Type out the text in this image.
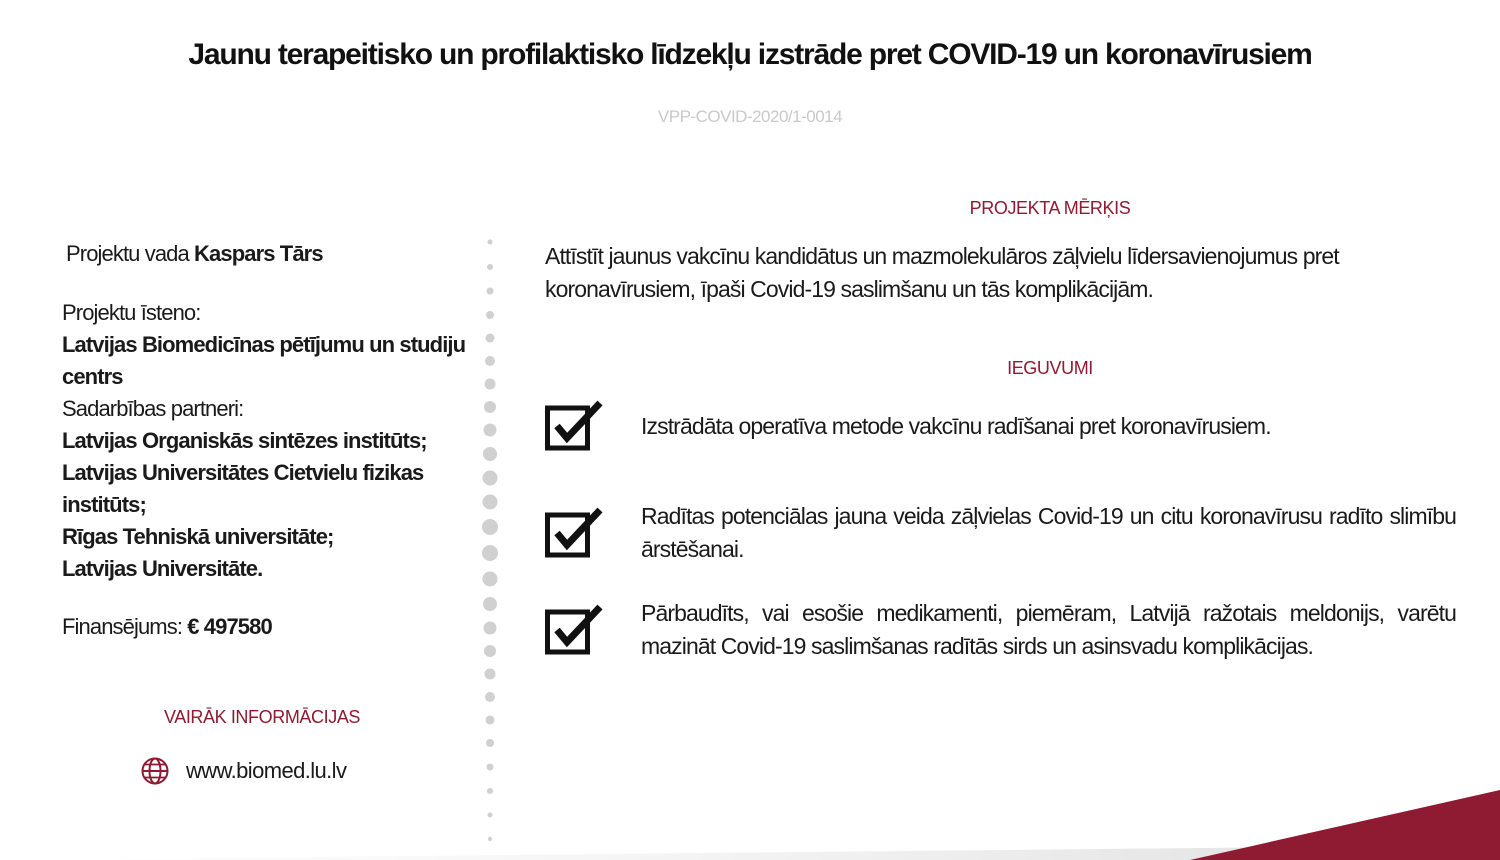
Jaunu terapeitisko un profilaktisko līdzekļu izstrāde pret COVID-19 un koronavīrusiem
VPP-COVID-2020/1-0014
Projektu vada Kaspars Tārs
Projektu īsteno:
Latvijas Biomedicīnas pētījumu un studiju centrs
Sadarbības partneri:
Latvijas Organiskās sintēzes institūts;
Latvijas Universitātes Cietvielu fizikas institūts;
Rīgas Tehniskā universitāte;
Latvijas Universitāte.
Finansējums: € 497580
VAIRĀK INFORMĀCIJAS
www.biomed.lu.lv
PROJEKTA MĒRĶIS
Attīstīt jaunus vakcīnu kandidātus un mazmolekulāros zāļvielu līdersavienojumus pret koronavīrusiem, īpaši Covid-19 saslimšanu un tās komplikācijām.
IEGUVUMI
Izstrādāta operatīva metode vakcīnu radīšanai pret koronavīrusiem.
Radītas potenciālas jauna veida zāļvielas Covid-19 un citu koronavīrusu radīto slimību ārstēšanai.
Pārbaudīts, vai esošie medikamenti, piemēram, Latvijā ražotais meldonijs, varētu mazināt Covid-19 saslimšanas radītās sirds un asinsvadu komplikācijas.
